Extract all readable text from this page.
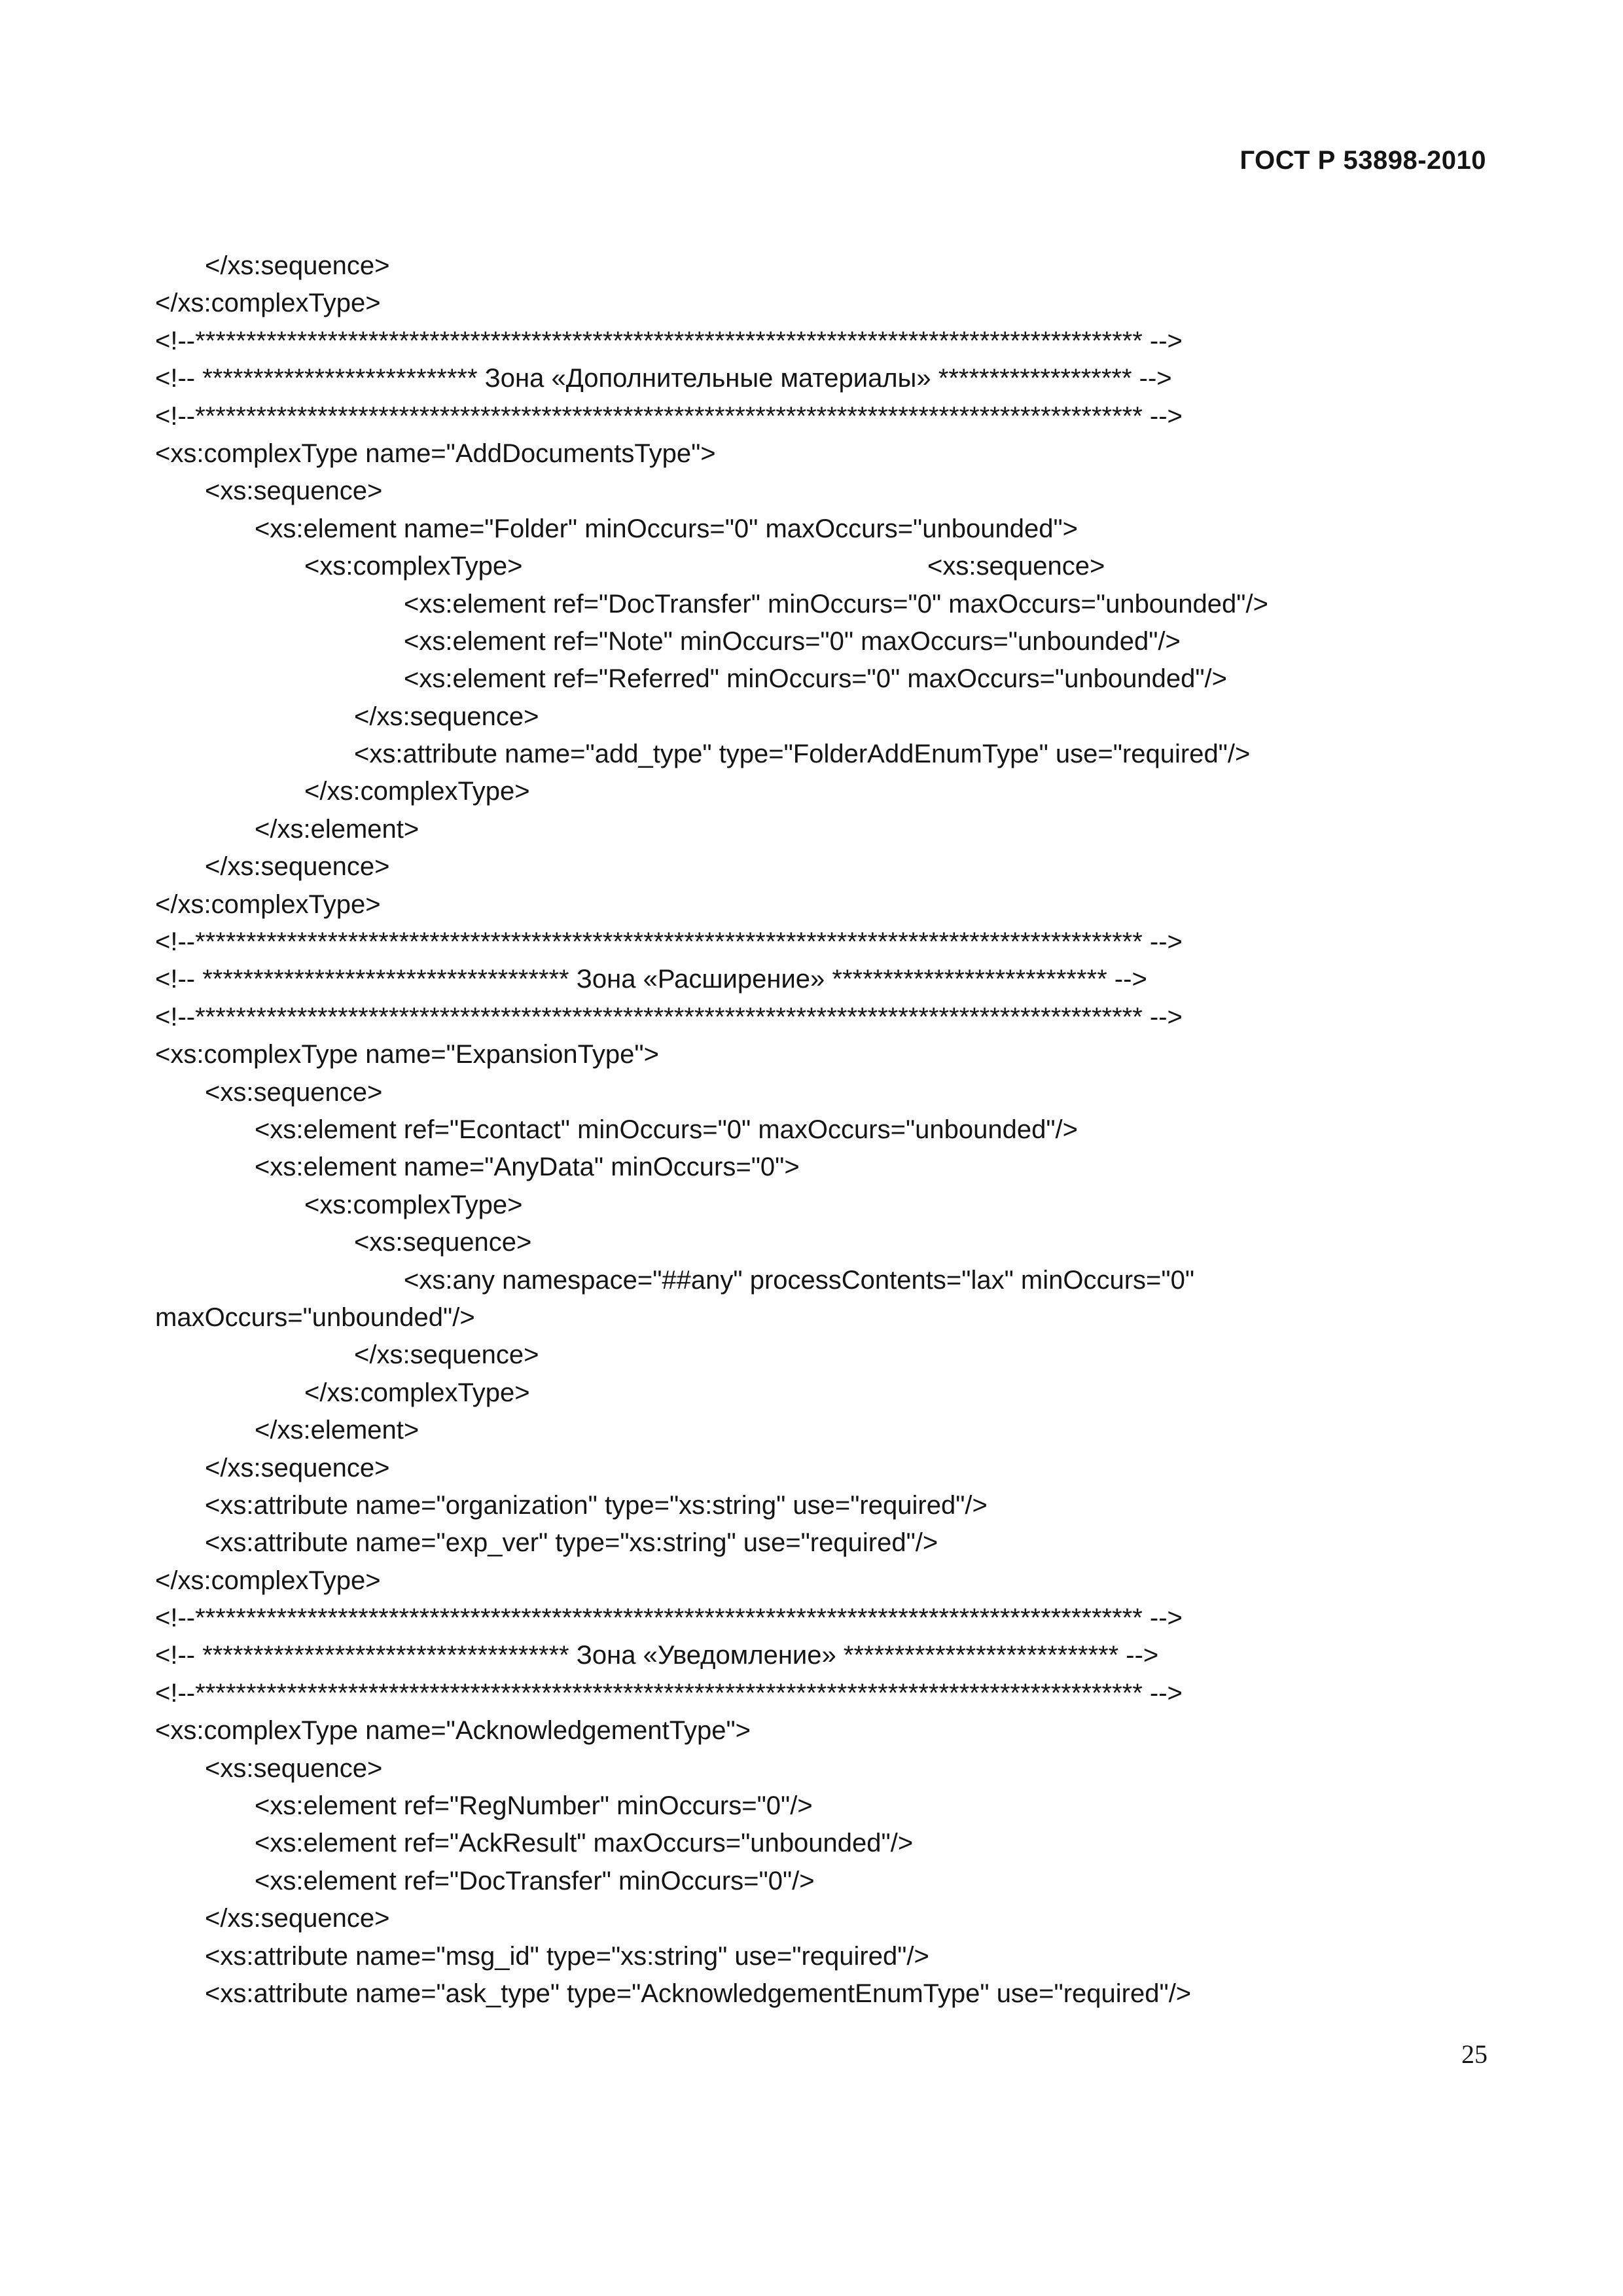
ГОСТ Р 53898-2010

</xs:sequence>
</xs:complexType>
<!--********************************************************************************************* -->
<!-- *************************** Зона «Дополнительные материалы» ******************* -->
<!--********************************************************************************************* -->
<xs:complexType name="AddDocumentsType">
<xs:sequence>
<xs:element name="Folder" minOccurs="0" maxOccurs="unbounded">
<xs:complexType>	<xs:sequence>
<xs:element ref="DocTransfer" minOccurs="0" maxOccurs="unbounded"/>
<xs:element ref="Note" minOccurs="0" maxOccurs="unbounded"/>
<xs:element ref="Referred" minOccurs="0" maxOccurs="unbounded"/>
</xs:sequence>
<xs:attribute name="add_type" type="FolderAddEnumType" use="required"/>
</xs:complexType>
</xs:element>
</xs:sequence>
</xs:complexType>
<!--********************************************************************************************* -->
<!-- ************************************ Зона «Расширение» *************************** -->
<!--********************************************************************************************* -->
<xs:complexType name="ExpansionType">
<xs:sequence>
<xs:element ref="Econtact" minOccurs="0" maxOccurs="unbounded"/>
<xs:element name="AnyData" minOccurs="0">
<xs:complexType>
<xs:sequence>
<xs:any namespace="##any" processContents="lax" minOccurs="0"
maxOccurs="unbounded"/>
</xs:sequence>
</xs:complexType>
</xs:element>
</xs:sequence>
<xs:attribute name="organization" type="xs:string" use="required"/>
<xs:attribute name="exp_ver" type="xs:string" use="required"/>
</xs:complexType>
<!--********************************************************************************************* -->
<!-- ************************************ Зона «Уведомление» *************************** -->
<!--********************************************************************************************* -->
<xs:complexType name="AcknowledgementType">
<xs:sequence>
<xs:element ref="RegNumber" minOccurs="0"/>
<xs:element ref="AckResult" maxOccurs="unbounded"/>
<xs:element ref="DocTransfer" minOccurs="0"/>
</xs:sequence>
<xs:attribute name="msg_id" type="xs:string" use="required"/>
<xs:attribute name="ask_type" type="AcknowledgementEnumType" use="required"/>

25
